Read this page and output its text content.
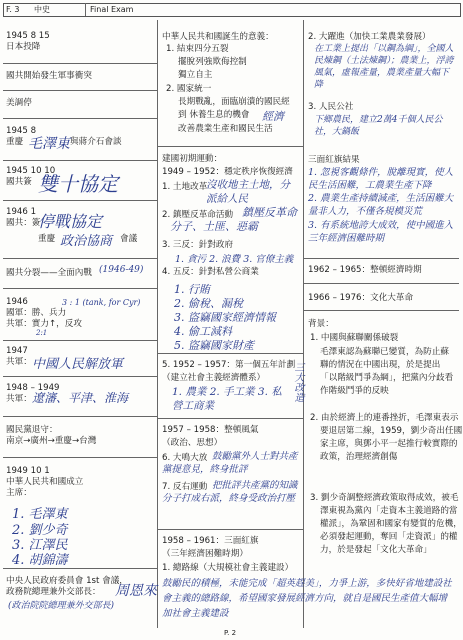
F. 3 中史	Final Exam
1945 8 15
日本投降
國共開始發生軍事衝突
美調停
1945 8
重慶	與蔣介石會談
毛澤東
1945 10 10
國共簽 雙十協定
1946 1
國共：簽
停戰協定
重慶 政治協商 會議
國共分裂——全面內戰 (1946-49)
1946
國軍：勝、兵力
3 : 1 (tank, for Cyr)
共軍：實力↑，反攻
2:1
1947
共軍： 中國人民解放軍
1948 – 1949
共軍： 遼瀋、平津、淮海
國民黨退守：
南京→廣州→重慶→台灣
1949 10 1
中華人民共和國成立
主席：
中央人民政府委員會 1st 會議，
政務院總理兼外交部長：	周恩來
1. 毛澤東
2. 劉少奇
3. 江澤民
4. 胡錦濤
(政治院院總理兼外交部長)
中華人民共和國誕生的意義：
1. 結束四分五裂
擺脫列強欺侮控制
獨立自主
2. 國家統一
長期戰亂，面臨崩潰的國民經
到 休養生息的機會
改善農業生產和國民生活
經濟
建國初期運動：
1949 – 1952：穩定秩序恢復經濟
1. 土地改革
沒收地主土地，分派給人民
2. 鎮壓反革命活動 鎮壓反革命分子、土匪、惡霸
3. 三反：針對政府
1. 貪污 2. 浪費 3. 官僚主義
4. 五反：針對私營公商業
1. 行賄
2. 偷稅、漏稅
3. 盜竊國家經濟情報
4. 偷工減料
5. 盜竊國家財產
5. 1952 – 1957：第一個五年計劃
（建立社會主義經濟體系）
1. 農業 2. 手工業 3. 私營工商業
三大改造
1957 – 1958：整頓風氣
（政治、思想）
6. 大鳴大放 鼓勵黨外人士對共產黨提意見，終身批評
7. 反右運動 把批評共產黨的知識分子打成右派，終身受政治打壓
1958 – 1961：三面紅旗
（三年經濟困難時期）
1. 總路線（大規模社會主義建設）
鼓勵民的積極，未能完成「超英趕美」，力爭上游，多快好省地建設社會主義的總路線，希望國家發展經濟方向，就自是國民生產值大幅增加社會主義建設
2. 大躍進（加快工業農業發展）
在工業上提出「以鋼為綱」，全國人民煉鋼（土法煉鋼）；農業上，浮誇風氣，虛報產量，農業產量大幅下降
3. 人民公社
下鄉農民，建立2萬4千個人民公社，大鍋飯
三面紅旗結果
1. 忽視客觀條件，脫離現實，使人民生活困難，工農業生產下降
2. 農業生產持續減產，生活困難大量非人力，不僅各規模災荒
3. 有系統地誇大成效，使中國進入三年經濟困難時期
1962 – 1965：整頓經濟時期
1966 – 1976：文化大革命
背景：
1. 中國與蘇聯關係破裂
毛澤東認為蘇聯已變質，為防止蘇聯的情況在中國出現，於是提出「以階級鬥爭為綱」，把黨內分歧看作階級鬥爭的反映
2. 由於經濟上的連番挫折，毛澤東表示要退居第二線，1959，劉少奇出任國家主席，與鄧小平一起推行較實際的政策，治理經濟創傷
3. 劉少奇調整經濟政策取得成效，被毛澤東視為黨內「走資本主義道路的當權派」，為鞏固和國家有變質的危機，必須發起運動，奪回「走資派」的權力，於是發起「文化大革命」
P. 2
